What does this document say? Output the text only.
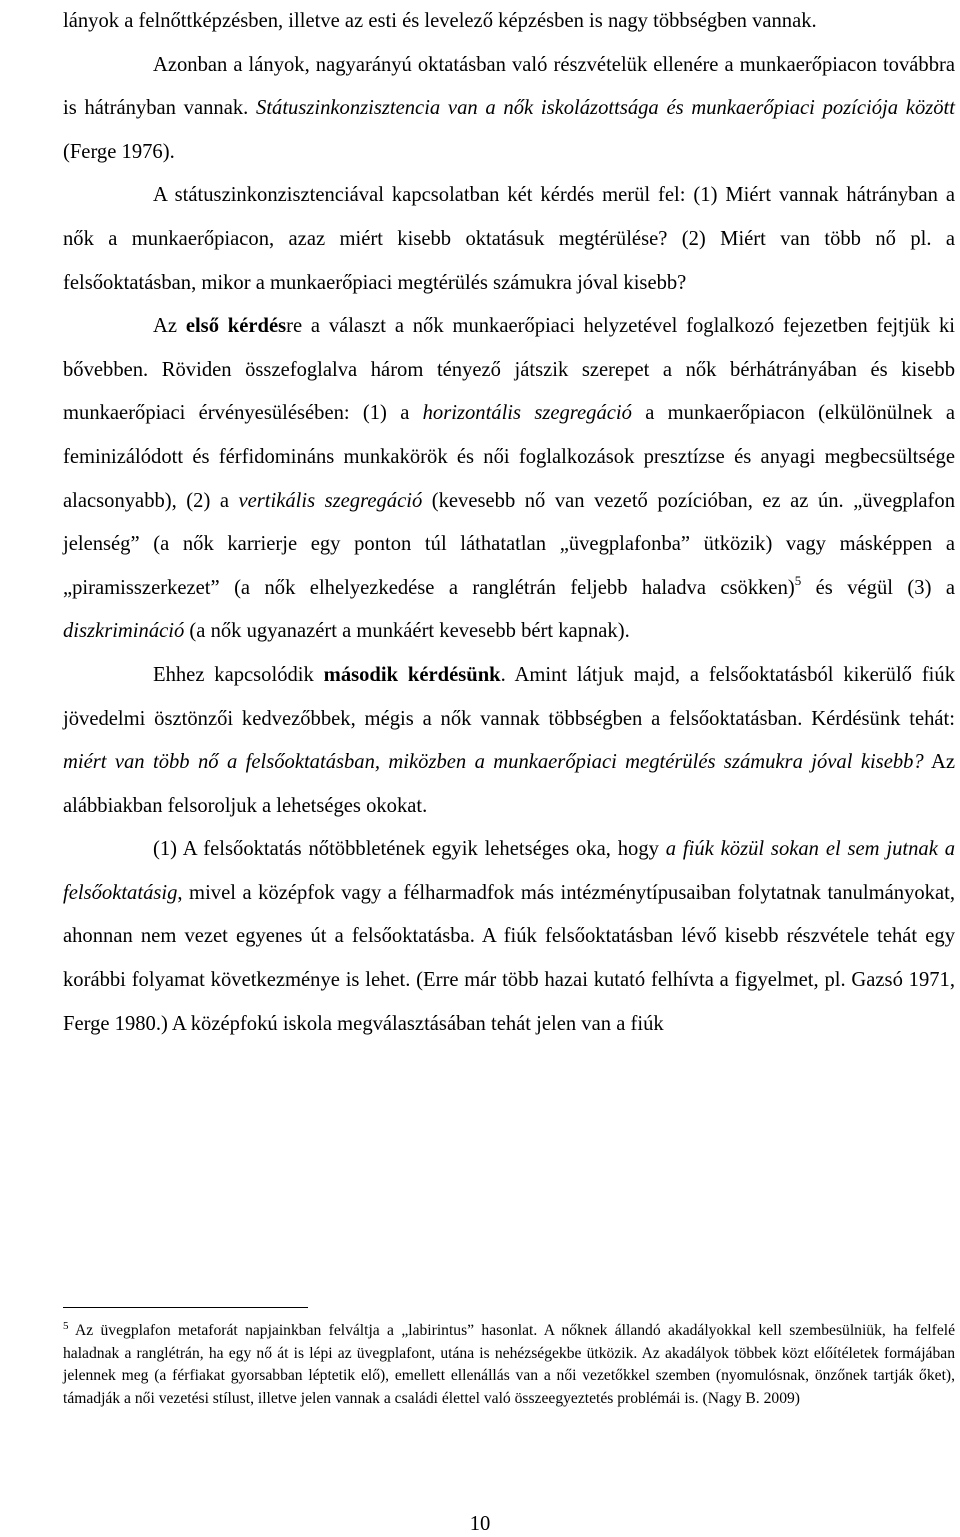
lányok a felnőttképzésben, illetve az esti és levelező képzésben is nagy többségben vannak.

Azonban a lányok, nagyarányú oktatásban való részvételük ellenére a munkaerőpiacon továbbra is hátrányban vannak. Státuszinkonzisztencia van a nők iskolázottsága és munkaerőpiaci pozíciója között (Ferge 1976).

A státuszinkonzisztenciával kapcsolatban két kérdés merül fel: (1) Miért vannak hátrányban a nők a munkaerőpiacon, azaz miért kisebb oktatásuk megtérülése? (2) Miért van több nő pl. a felsőoktatásban, mikor a munkaerőpiaci megtérülés számukra jóval kisebb?

Az első kérdésre a választ a nők munkaerőpiaci helyzetével foglalkozó fejezetben fejtjük ki bővebben. Röviden összefoglalva három tényező játszik szerepet a nők bérhátrányában és kisebb munkaerőpiaci érvényesülésében: (1) a horizontális szegregáció a munkaerőpiacon (elkülönülnek a feminizálódott és férfidomináns munkakörök és női foglalkozások presztízse és anyagi megbecsültsége alacsonyabb), (2) a vertikális szegregáció (kevesebb nő van vezető pozícióban, ez az ún. „üvegplafon jelenség” (a nők karrierje egy ponton túl láthatatlan „üvegplafonba” ütközik) vagy másképpen a „piramisszerkezet” (a nők elhelyezkedése a ranglétrán feljebb haladva csökken)$^5$ és végül (3) a diszkrimináció (a nők ugyanazért a munkáért kevesebb bért kapnak).

Ehhez kapcsolódik második kérdésünk. Amint látjuk majd, a felsőoktatásból kikerülő fiúk jövedelmi ösztönzői kedvezőbbek, mégis a nők vannak többségben a felsőoktatásban. Kérdésünk tehát: miért van több nő a felsőoktatásban, miközben a munkaerőpiaci megtérülés számukra jóval kisebb? Az alábbiakban felsoroljuk a lehetséges okokat.

(1) A felsőoktatás nőtöbbletének egyik lehetséges oka, hogy a fiúk közül sokan el sem jutnak a felsőoktatásig, mivel a középfok vagy a félharmadfok más intézménytípusaiban folytatnak tanulmányokat, ahonnan nem vezet egyenes út a felsőoktatásba. A fiúk felsőoktatásban lévő kisebb részvétele tehát egy korábbi folyamat következménye is lehet. (Erre már több hazai kutató felhívta a figyelmet, pl. Gazsó 1971, Ferge 1980.) A középfokú iskola megválasztásában tehát jelen van a fiúk

$^5$ Az üvegplafon metaforát napjainkban felváltja a „labirintus” hasonlat. A nőknek állandó akadályokkal kell szembesülniük, ha felfelé haladnak a ranglétrán, ha egy nő át is lépi az üvegplafont, utána is nehézségekbe ütközik. Az akadályok többek közt előítéletek formájában jelennek meg (a férfiakat gyorsabban léptetik elő), emellett ellenállás van a női vezetőkkel szemben (nyomulósnak, önzőnek tartják őket), támadják a női vezetési stílust, illetve jelen vannak a családi élettel való összeegyeztetés problémái is. (Nagy B. 2009)

10
